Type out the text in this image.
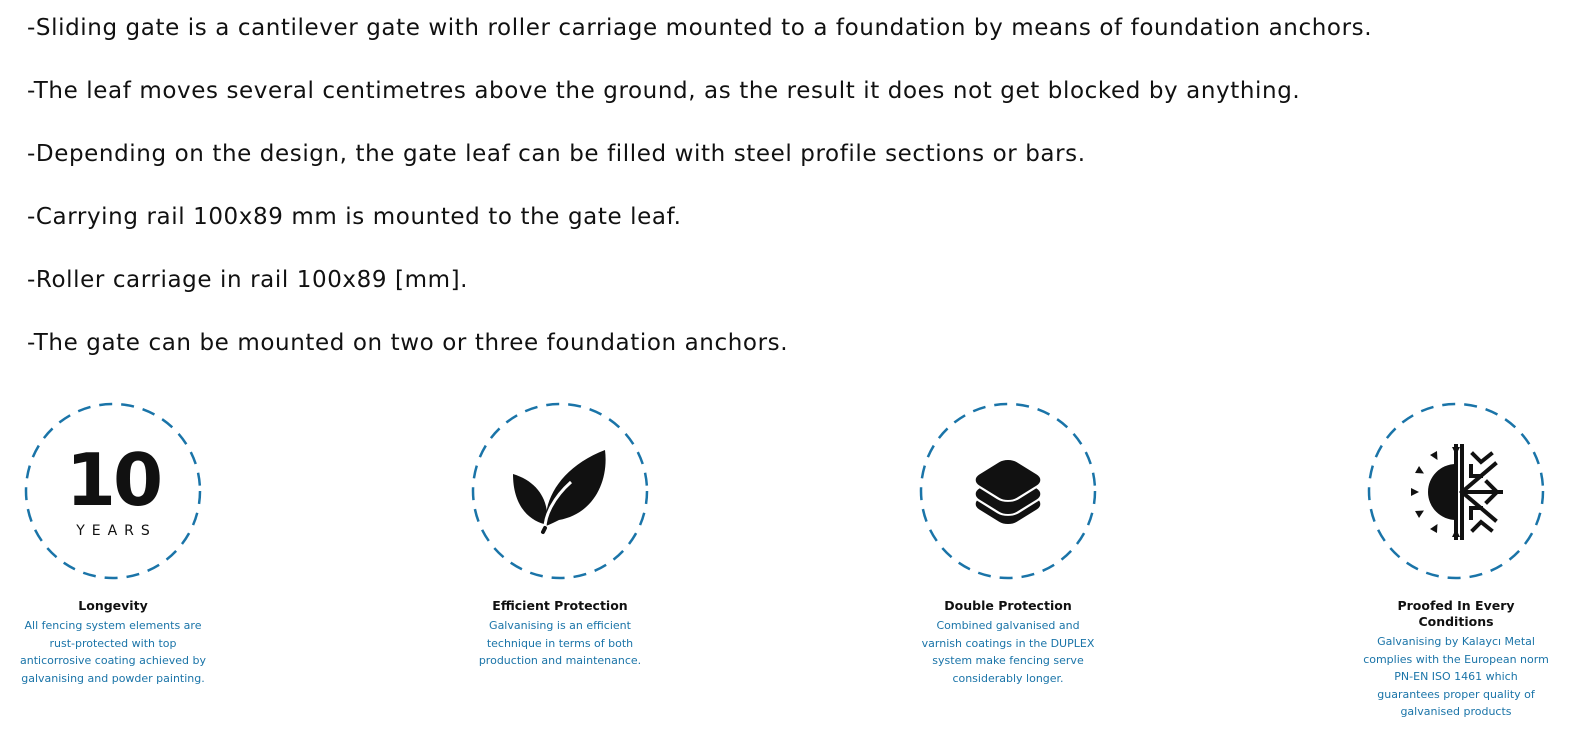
-Sliding gate is a cantilever gate with roller carriage mounted to a foundation by means of foundation anchors.
-The leaf moves several centimetres above the ground, as the result it does not get blocked by anything.
-Depending on the design, the gate leaf can be filled with steel profile sections or bars.
-Carrying rail 100x89 mm is mounted to the gate leaf.
-Roller carriage in rail 100x89 [mm].
-The gate can be mounted on two or three foundation anchors.
10
YEARS
Longevity
All fencing system elements are rust-protected with top anticorrosive coating achieved by galvanising and powder painting.
Efficient Protection
Galvanising is an efficient technique in terms of both production and maintenance.
Double Protection
Combined galvanised and varnish coatings in the DUPLEX system make fencing serve considerably longer.
Proofed In Every Conditions
Galvanising by Kalaycı Metal complies with the European norm PN-EN ISO 1461 which guarantees proper quality of galvanised products
